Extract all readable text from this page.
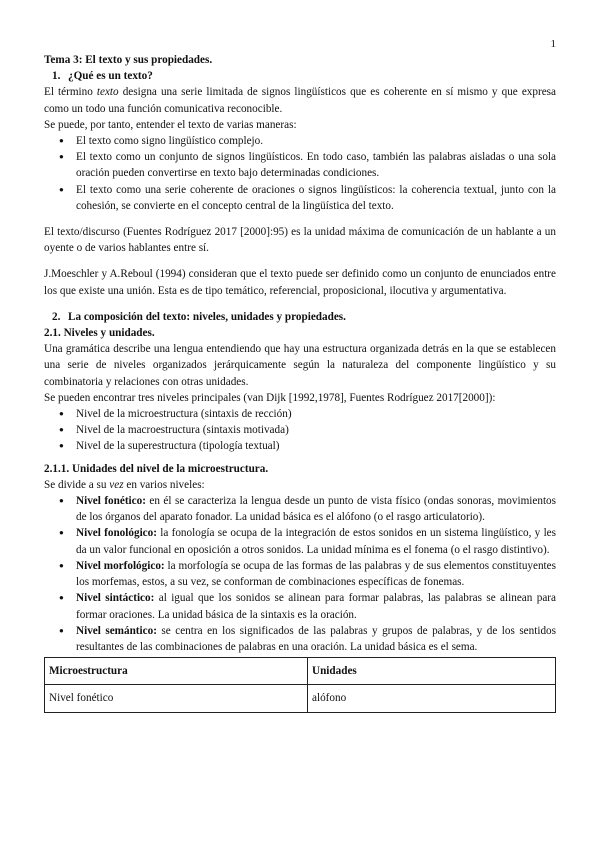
1

Tema 3: El texto y sus propiedades.

1. ¿Qué es un texto?

El término texto designa una serie limitada de signos lingüísticos que es coherente en sí mismo y que expresa como un todo una función comunicativa reconocible.

Se puede, por tanto, entender el texto de varias maneras:

● El texto como signo lingüístico complejo.
● El texto como un conjunto de signos lingüísticos. En todo caso, también las palabras aisladas o una sola oración pueden convertirse en texto bajo determinadas condiciones.
● El texto como una serie coherente de oraciones o signos lingüísticos: la coherencia textual, junto con la cohesión, se convierte en el concepto central de la lingüística del texto.

El texto/discurso (Fuentes Rodríguez 2017 [2000]:95) es la unidad máxima de comunicación de un hablante a un oyente o de varios hablantes entre sí.

J.Moeschler y A.Reboul (1994) consideran que el texto puede ser definido como un conjunto de enunciados entre los que existe una unión. Esta es de tipo temático, referencial, proposicional, ilocutiva y argumentativa.

2. La composición del texto: niveles, unidades y propiedades.

2.1. Niveles y unidades.

Una gramática describe una lengua entendiendo que hay una estructura organizada detrás en la que se establecen una serie de niveles organizados jerárquicamente según la naturaleza del componente lingüístico y su combinatoria y relaciones con otras unidades.

Se pueden encontrar tres niveles principales (van Dijk [1992,1978], Fuentes Rodríguez 2017[2000]):

● Nivel de la microestructura (sintaxis de rección)
● Nivel de la macroestructura (sintaxis motivada)
● Nivel de la superestructura (tipología textual)

2.1.1. Unidades del nivel de la microestructura.

Se divide a su vez en varios niveles:

● Nivel fonético: en él se caracteriza la lengua desde un punto de vista físico (ondas sonoras, movimientos de los órganos del aparato fonador. La unidad básica es el alófono (o el rasgo articulatorio).
● Nivel fonológico: la fonología se ocupa de la integración de estos sonidos en un sistema lingüístico, y les da un valor funcional en oposición a otros sonidos. La unidad mínima es el fonema (o el rasgo distintivo).
● Nivel morfológico: la morfología se ocupa de las formas de las palabras y de sus elementos constituyentes los morfemas, estos, a su vez, se conforman de combinaciones específicas de fonemas.
● Nivel sintáctico: al igual que los sonidos se alinean para formar palabras, las palabras se alinean para formar oraciones. La unidad básica de la sintaxis es la oración.
● Nivel semántico: se centra en los significados de las palabras y grupos de palabras, y de los sentidos resultantes de las combinaciones de palabras en una oración. La unidad básica es el sema.
Microestructura	Unidades
Nivel fonético	alófono
